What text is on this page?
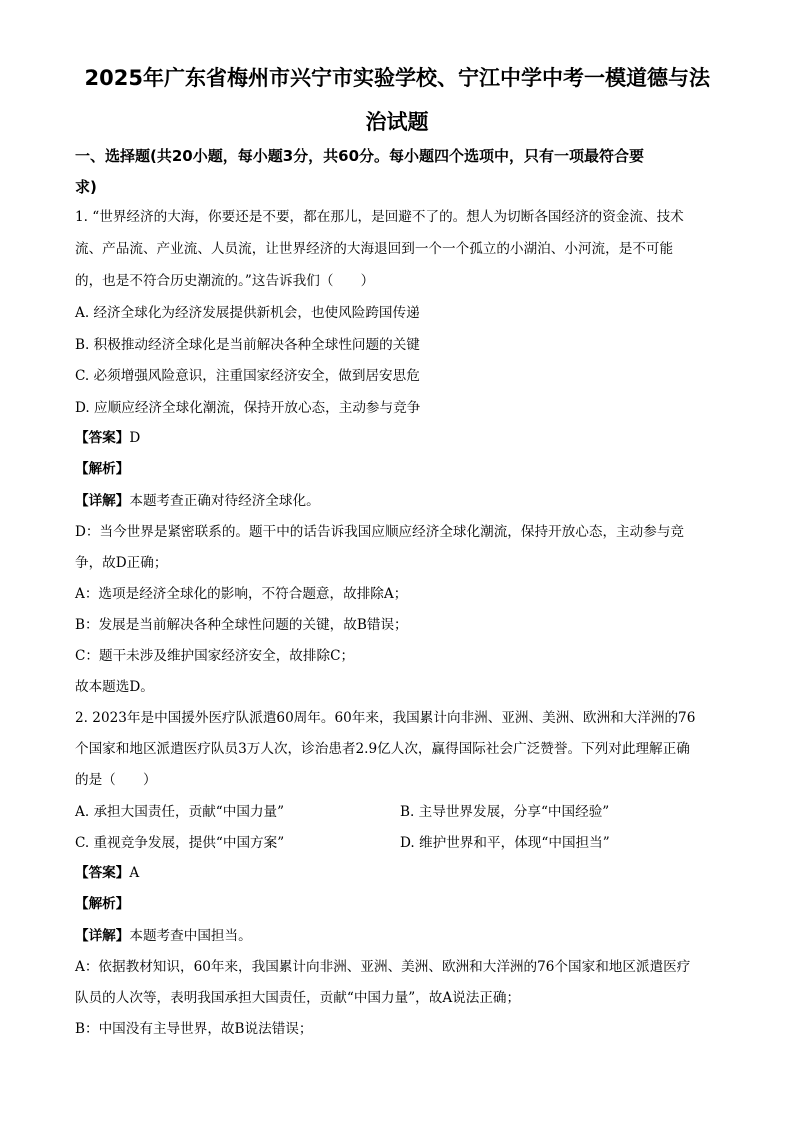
2025年广东省梅州市兴宁市实验学校、宁江中学中考一模道德与法
治试题
一、选择题(共20小题，每小题3分，共60分。每小题四个选项中，只有一项最符合要
求)
1. “世界经济的大海，你要还是不要，都在那儿，是回避不了的。想人为切断各国经济的资金流、技术
流、产品流、产业流、人员流，让世界经济的大海退回到一个一个孤立的小湖泊、小河流，是不可能
的，也是不符合历史潮流的。”这告诉我们（　　）
A. 经济全球化为经济发展提供新机会，也使风险跨国传递
B. 积极推动经济全球化是当前解决各种全球性问题的关键
C. 必须增强风险意识，注重国家经济安全，做到居安思危
D. 应顺应经济全球化潮流，保持开放心态，主动参与竞争
【答案】D
【解析】
【详解】本题考查正确对待经济全球化。
D：当今世界是紧密联系的。题干中的话告诉我国应顺应经济全球化潮流，保持开放心态，主动参与竞
争，故D正确；
A：选项是经济全球化的影响，不符合题意，故排除A；
B：发展是当前解决各种全球性问题的关键，故B错误；
C：题干未涉及维护国家经济安全，故排除C；
故本题选D。
2. 2023年是中国援外医疗队派遣60周年。60年来，我国累计向非洲、亚洲、美洲、欧洲和大洋洲的76
个国家和地区派遣医疗队员3万人次，诊治患者2.9亿人次，赢得国际社会广泛赞誉。下列对此理解正确
的是（　　）
A. 承担大国责任，贡献“中国力量”	B. 主导世界发展，分享“中国经验”
C. 重视竞争发展，提供“中国方案”	D. 维护世界和平，体现“中国担当”
【答案】A
【解析】
【详解】本题考查中国担当。
A：依据教材知识，60年来，我国累计向非洲、亚洲、美洲、欧洲和大洋洲的76个国家和地区派遣医疗
队员的人次等，表明我国承担大国责任，贡献“中国力量”，故A说法正确；
B：中国没有主导世界，故B说法错误；
